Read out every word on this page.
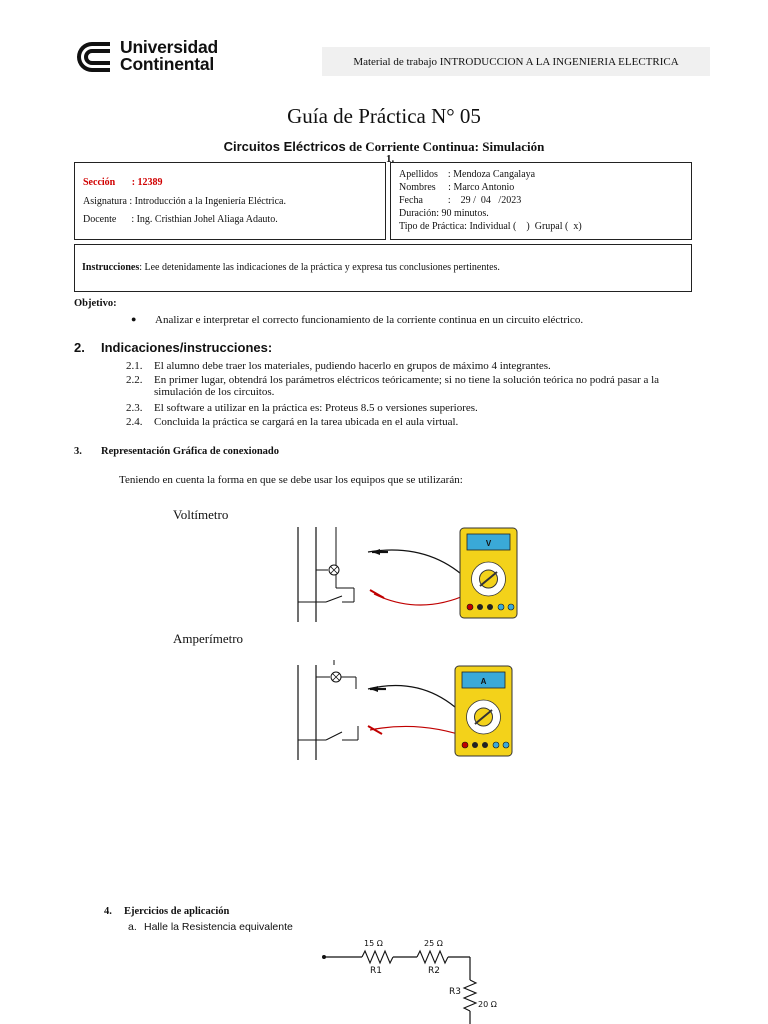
Universidad
Continental	Material de trabajo INTRODUCCION A LA INGENIERIA ELECTRICA
Guía de Práctica N° 05
Circuitos Eléctricos de Corriente Continua: Simulación
1.
Sección : 12389
Asignatura : Introducción a la Ingeniería Eléctrica.
Docente      : Ing. Cristhian Johel Aliaga Adauto.
Apellidos    : Mendoza Cangalaya
Nombres     : Marco Antonio
Fecha          :    29 /  04   /2023
Duración: 90 minutos.
Tipo de Práctica: Individual (    )  Grupal (  x)
Instrucciones: Lee detenidamente las indicaciones de la práctica y expresa tus conclusiones pertinentes.
Objetivo:
● Analizar e interpretar el correcto funcionamiento de la corriente continua en un circuito eléctrico.
2. Indicaciones/instrucciones:
2.1. El alumno debe traer los materiales, pudiendo hacerlo en grupos de máximo 4 integrantes.
2.2. En primer lugar, obtendrá los parámetros eléctricos teóricamente; si no tiene la solución teórica no podrá pasar a la simulación de los circuitos.
2.3. El software a utilizar en la práctica es: Proteus 8.5 o versiones superiores.
2.4. Concluida la práctica se cargará en la tarea ubicada en el aula virtual.
3. Representación Gráfica de conexionado
Teniendo en cuenta la forma en que se debe usar los equipos que se utilizarán:
Voltímetro
V
Amperímetro
A
4. Ejercicios de aplicación
a. Halle la Resistencia equivalente
15 Ω
R1
25 Ω
R2
R3
20 Ω
